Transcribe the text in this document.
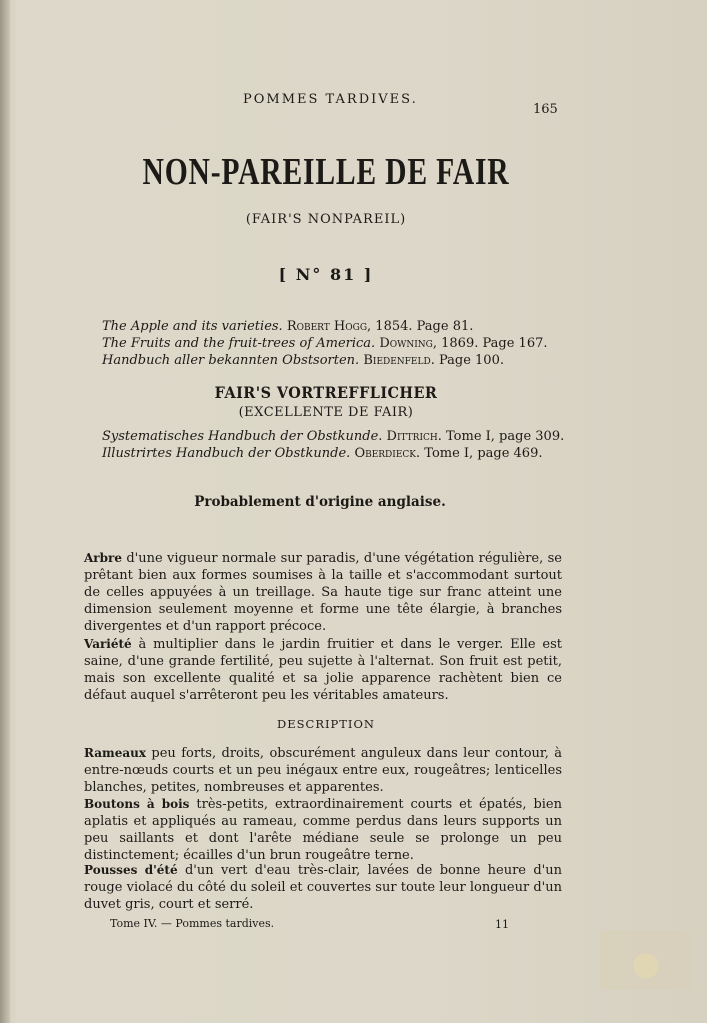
POMMES TARDIVES.
165
NON-PAREILLE DE FAIR
(FAIR'S NONPAREIL)
[ N° 81 ]
The Apple and its varieties. Robert Hogg, 1854. Page 81.
The Fruits and the fruit-trees of America. Downing, 1869. Page 167.
Handbuch aller bekannten Obstsorten. Biedenfeld. Page 100.
FAIR'S VORTREFFLICHER
(EXCELLENTE DE FAIR)
Systematisches Handbuch der Obstkunde. Dittrich. Tome I, page 309.
Illustrirtes Handbuch der Obstkunde. Oberdieck. Tome I, page 469.
Probablement d'origine anglaise.
Arbre d'une vigueur normale sur paradis, d'une végétation régulière, se prêtant bien aux formes soumises à la taille et s'accommodant surtout de celles appuyées à un treillage. Sa haute tige sur franc atteint une dimension seulement moyenne et forme une tête élargie, à branches divergentes et d'un rapport précoce.
Variété à multiplier dans le jardin fruitier et dans le verger. Elle est saine, d'une grande fertilité, peu sujette à l'alternat. Son fruit est petit, mais son excellente qualité et sa jolie apparence rachètent bien ce défaut auquel s'arrêteront peu les véritables amateurs.
DESCRIPTION
Rameaux peu forts, droits, obscurément anguleux dans leur contour, à entre-nœuds courts et un peu inégaux entre eux, rougeâtres; lenticelles blanches, petites, nombreuses et apparentes.
Boutons à bois très-petits, extraordinairement courts et épatés, bien aplatis et appliqués au rameau, comme perdus dans leurs supports un peu saillants et dont l'arête médiane seule se prolonge un peu distinctement; écailles d'un brun rougeâtre terne.
Pousses d'été d'un vert d'eau très-clair, lavées de bonne heure d'un rouge violacé du côté du soleil et couvertes sur toute leur longueur d'un duvet gris, court et serré.
Tome IV. — Pommes tardives.	11
